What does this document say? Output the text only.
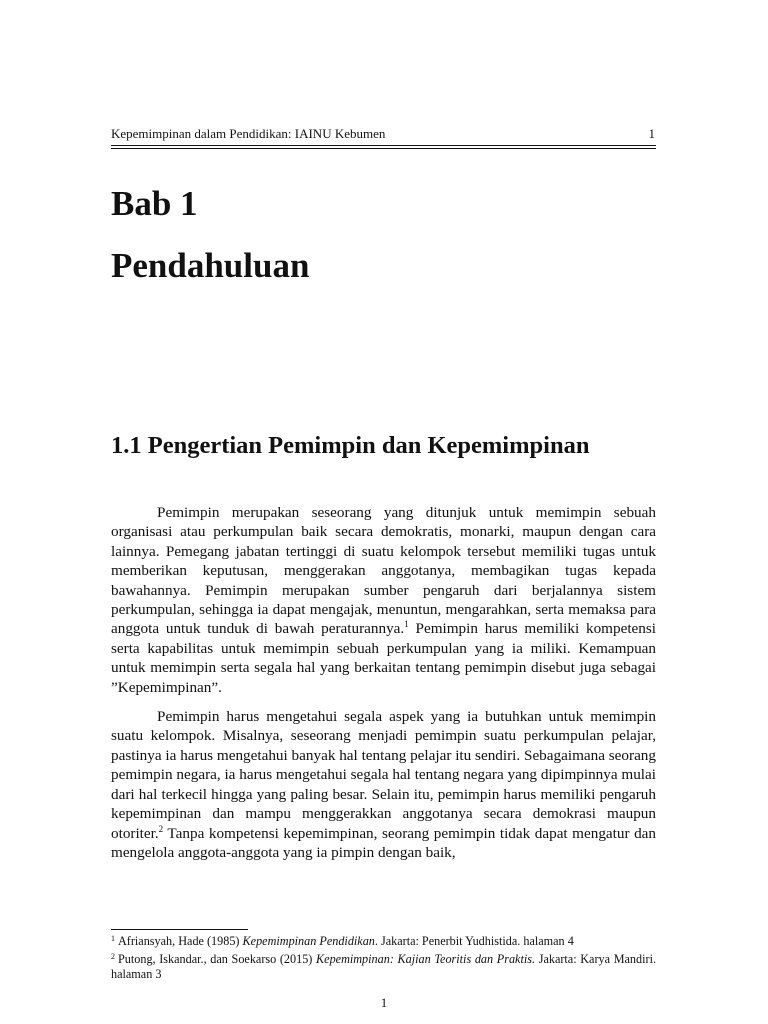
Kepemimpinan dalam Pendidikan: IAINU Kebumen	1
Bab 1
Pendahuluan
1.1 Pengertian Pemimpin dan Kepemimpinan

Pemimpin merupakan seseorang yang ditunjuk untuk memimpin sebuah organisasi atau perkumpulan baik secara demokratis, monarki, maupun dengan cara lainnya. Pemegang jabatan tertinggi di suatu kelompok tersebut memiliki tugas untuk memberikan keputusan, menggerakan anggotanya, membagikan tugas kepada bawahannya. Pemimpin merupakan sumber pengaruh dari berjalannya sistem perkumpulan, sehingga ia dapat mengajak, menuntun, mengarahkan, serta memaksa para anggota untuk tunduk di bawah peraturannya.$^1$ Pemimpin harus memiliki kompetensi serta kapabilitas untuk memimpin sebuah perkumpulan yang ia miliki. Kemampuan untuk memimpin serta segala hal yang berkaitan tentang pemimpin disebut juga sebagai ”Kepemimpinan”.

Pemimpin harus mengetahui segala aspek yang ia butuhkan untuk memimpin suatu kelompok. Misalnya, seseorang menjadi pemimpin suatu perkumpulan pelajar, pastinya ia harus mengetahui banyak hal tentang pelajar itu sendiri. Sebagaimana seorang pemimpin negara, ia harus mengetahui segala hal tentang negara yang dipimpinnya mulai dari hal terkecil hingga yang paling besar. Selain itu, pemimpin harus memiliki pengaruh kepemimpinan dan mampu menggerakkan anggotanya secara demokrasi maupun otoriter.$^2$ Tanpa kompetensi kepemimpinan, seorang pemimpin tidak dapat mengatur dan mengelola anggota-anggota yang ia pimpin dengan baik,

$^1$ Afriansyah, Hade (1985) Kepemimpinan Pendidikan. Jakarta: Penerbit Yudhistida. halaman 4

$^2$ Putong, Iskandar., dan Soekarso (2015) Kepemimpinan: Kajian Teoritis dan Praktis. Jakarta: Karya Mandiri. halaman 3

1
